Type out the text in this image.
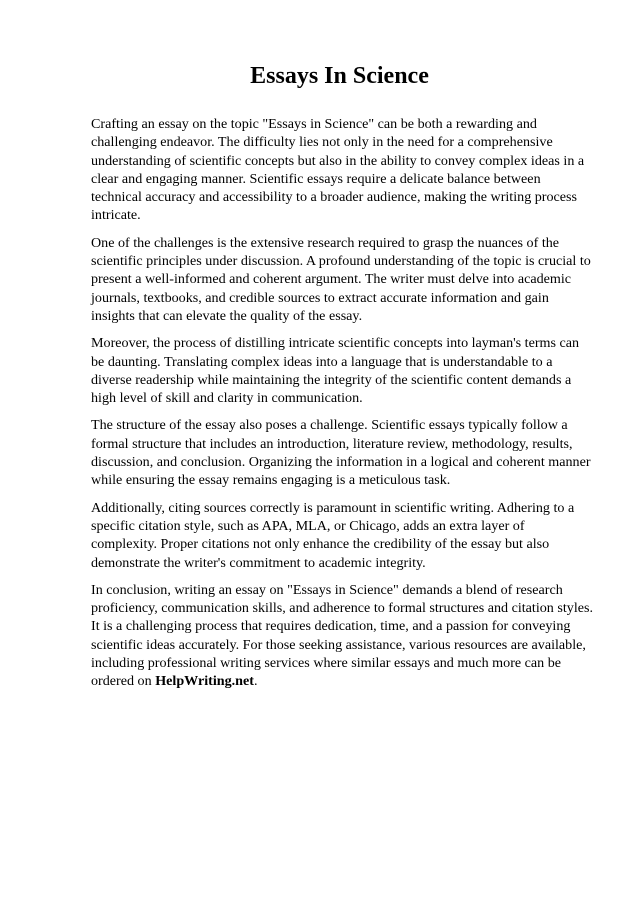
Essays In Science

Crafting an essay on the topic "Essays in Science" can be both a rewarding and challenging endeavor. The difficulty lies not only in the need for a comprehensive understanding of scientific concepts but also in the ability to convey complex ideas in a clear and engaging manner. Scientific essays require a delicate balance between technical accuracy and accessibility to a broader audience, making the writing process intricate.

One of the challenges is the extensive research required to grasp the nuances of the scientific principles under discussion. A profound understanding of the topic is crucial to present a well-informed and coherent argument. The writer must delve into academic journals, textbooks, and credible sources to extract accurate information and gain insights that can elevate the quality of the essay.

Moreover, the process of distilling intricate scientific concepts into layman's terms can be daunting. Translating complex ideas into a language that is understandable to a diverse readership while maintaining the integrity of the scientific content demands a high level of skill and clarity in communication.

The structure of the essay also poses a challenge. Scientific essays typically follow a formal structure that includes an introduction, literature review, methodology, results, discussion, and conclusion. Organizing the information in a logical and coherent manner while ensuring the essay remains engaging is a meticulous task.

Additionally, citing sources correctly is paramount in scientific writing. Adhering to a specific citation style, such as APA, MLA, or Chicago, adds an extra layer of complexity. Proper citations not only enhance the credibility of the essay but also demonstrate the writer's commitment to academic integrity.

In conclusion, writing an essay on "Essays in Science" demands a blend of research proficiency, communication skills, and adherence to formal structures and citation styles. It is a challenging process that requires dedication, time, and a passion for conveying scientific ideas accurately. For those seeking assistance, various resources are available, including professional writing services where similar essays and much more can be ordered on HelpWriting.net.
